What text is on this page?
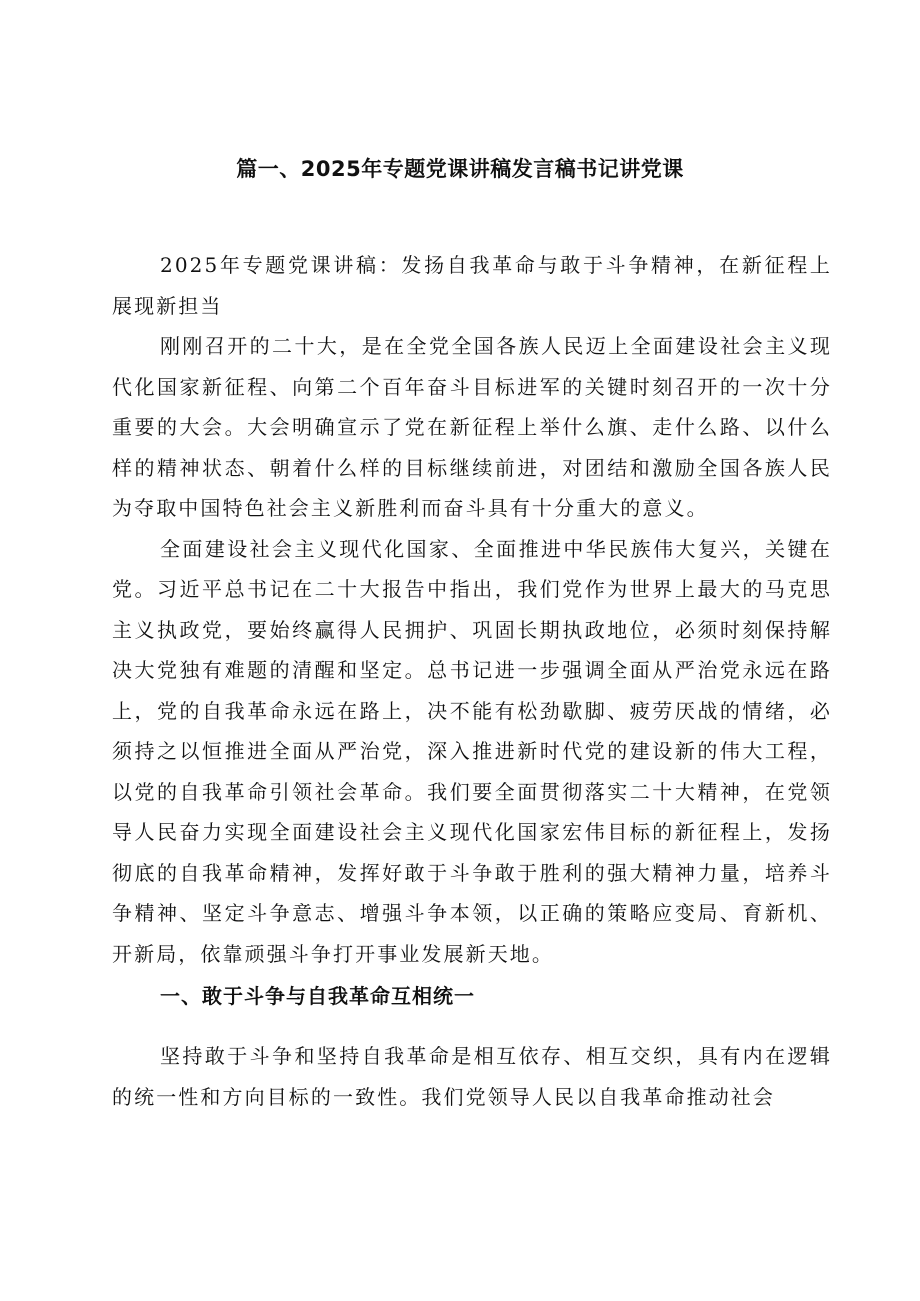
篇一、2025年专题党课讲稿发言稿书记讲党课

2025年专题党课讲稿：发扬自我革命与敢于斗争精神，在新征程上展现新担当

刚刚召开的二十大，是在全党全国各族人民迈上全面建设社会主义现代化国家新征程、向第二个百年奋斗目标进军的关键时刻召开的一次十分重要的大会。大会明确宣示了党在新征程上举什么旗、走什么路、以什么样的精神状态、朝着什么样的目标继续前进，对团结和激励全国各族人民为夺取中国特色社会主义新胜利而奋斗具有十分重大的意义。

全面建设社会主义现代化国家、全面推进中华民族伟大复兴，关键在党。习近平总书记在二十大报告中指出，我们党作为世界上最大的马克思主义执政党，要始终赢得人民拥护、巩固长期执政地位，必须时刻保持解决大党独有难题的清醒和坚定。总书记进一步强调全面从严治党永远在路上，党的自我革命永远在路上，决不能有松劲歇脚、疲劳厌战的情绪，必须持之以恒推进全面从严治党，深入推进新时代党的建设新的伟大工程，以党的自我革命引领社会革命。我们要全面贯彻落实二十大精神，在党领导人民奋力实现全面建设社会主义现代化国家宏伟目标的新征程上，发扬彻底的自我革命精神，发挥好敢于斗争敢于胜利的强大精神力量，培养斗争精神、坚定斗争意志、增强斗争本领，以正确的策略应变局、育新机、开新局，依靠顽强斗争打开事业发展新天地。

一、敢于斗争与自我革命互相统一

坚持敢于斗争和坚持自我革命是相互依存、相互交织，具有内在逻辑的统一性和方向目标的一致性。我们党领导人民以自我革命推动社会
